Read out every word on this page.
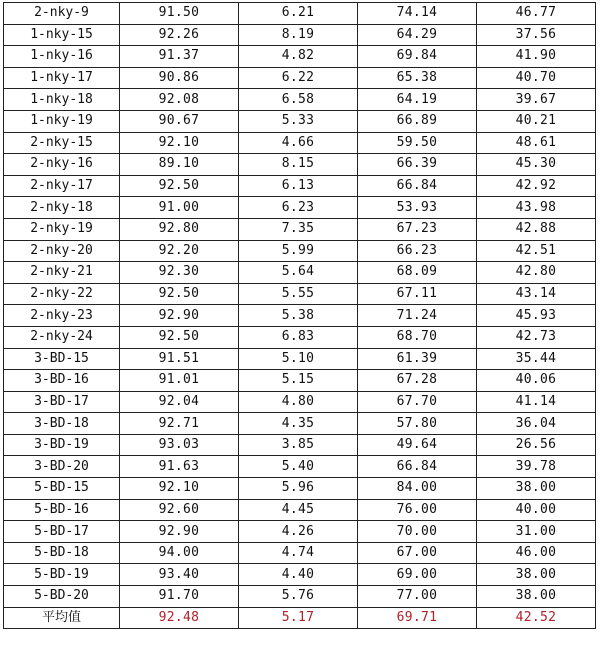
2-nky-9	91.50	6.21	74.14	46.77
1-nky-15	92.26	8.19	64.29	37.56
1-nky-16	91.37	4.82	69.84	41.90
1-nky-17	90.86	6.22	65.38	40.70
1-nky-18	92.08	6.58	64.19	39.67
1-nky-19	90.67	5.33	66.89	40.21
2-nky-15	92.10	4.66	59.50	48.61
2-nky-16	89.10	8.15	66.39	45.30
2-nky-17	92.50	6.13	66.84	42.92
2-nky-18	91.00	6.23	53.93	43.98
2-nky-19	92.80	7.35	67.23	42.88
2-nky-20	92.20	5.99	66.23	42.51
2-nky-21	92.30	5.64	68.09	42.80
2-nky-22	92.50	5.55	67.11	43.14
2-nky-23	92.90	5.38	71.24	45.93
2-nky-24	92.50	6.83	68.70	42.73
3-BD-15	91.51	5.10	61.39	35.44
3-BD-16	91.01	5.15	67.28	40.06
3-BD-17	92.04	4.80	67.70	41.14
3-BD-18	92.71	4.35	57.80	36.04
3-BD-19	93.03	3.85	49.64	26.56
3-BD-20	91.63	5.40	66.84	39.78
5-BD-15	92.10	5.96	84.00	38.00
5-BD-16	92.60	4.45	76.00	40.00
5-BD-17	92.90	4.26	70.00	31.00
5-BD-18	94.00	4.74	67.00	46.00
5-BD-19	93.40	4.40	69.00	38.00
5-BD-20	91.70	5.76	77.00	38.00
平均值	92.48	5.17	69.71	42.52
